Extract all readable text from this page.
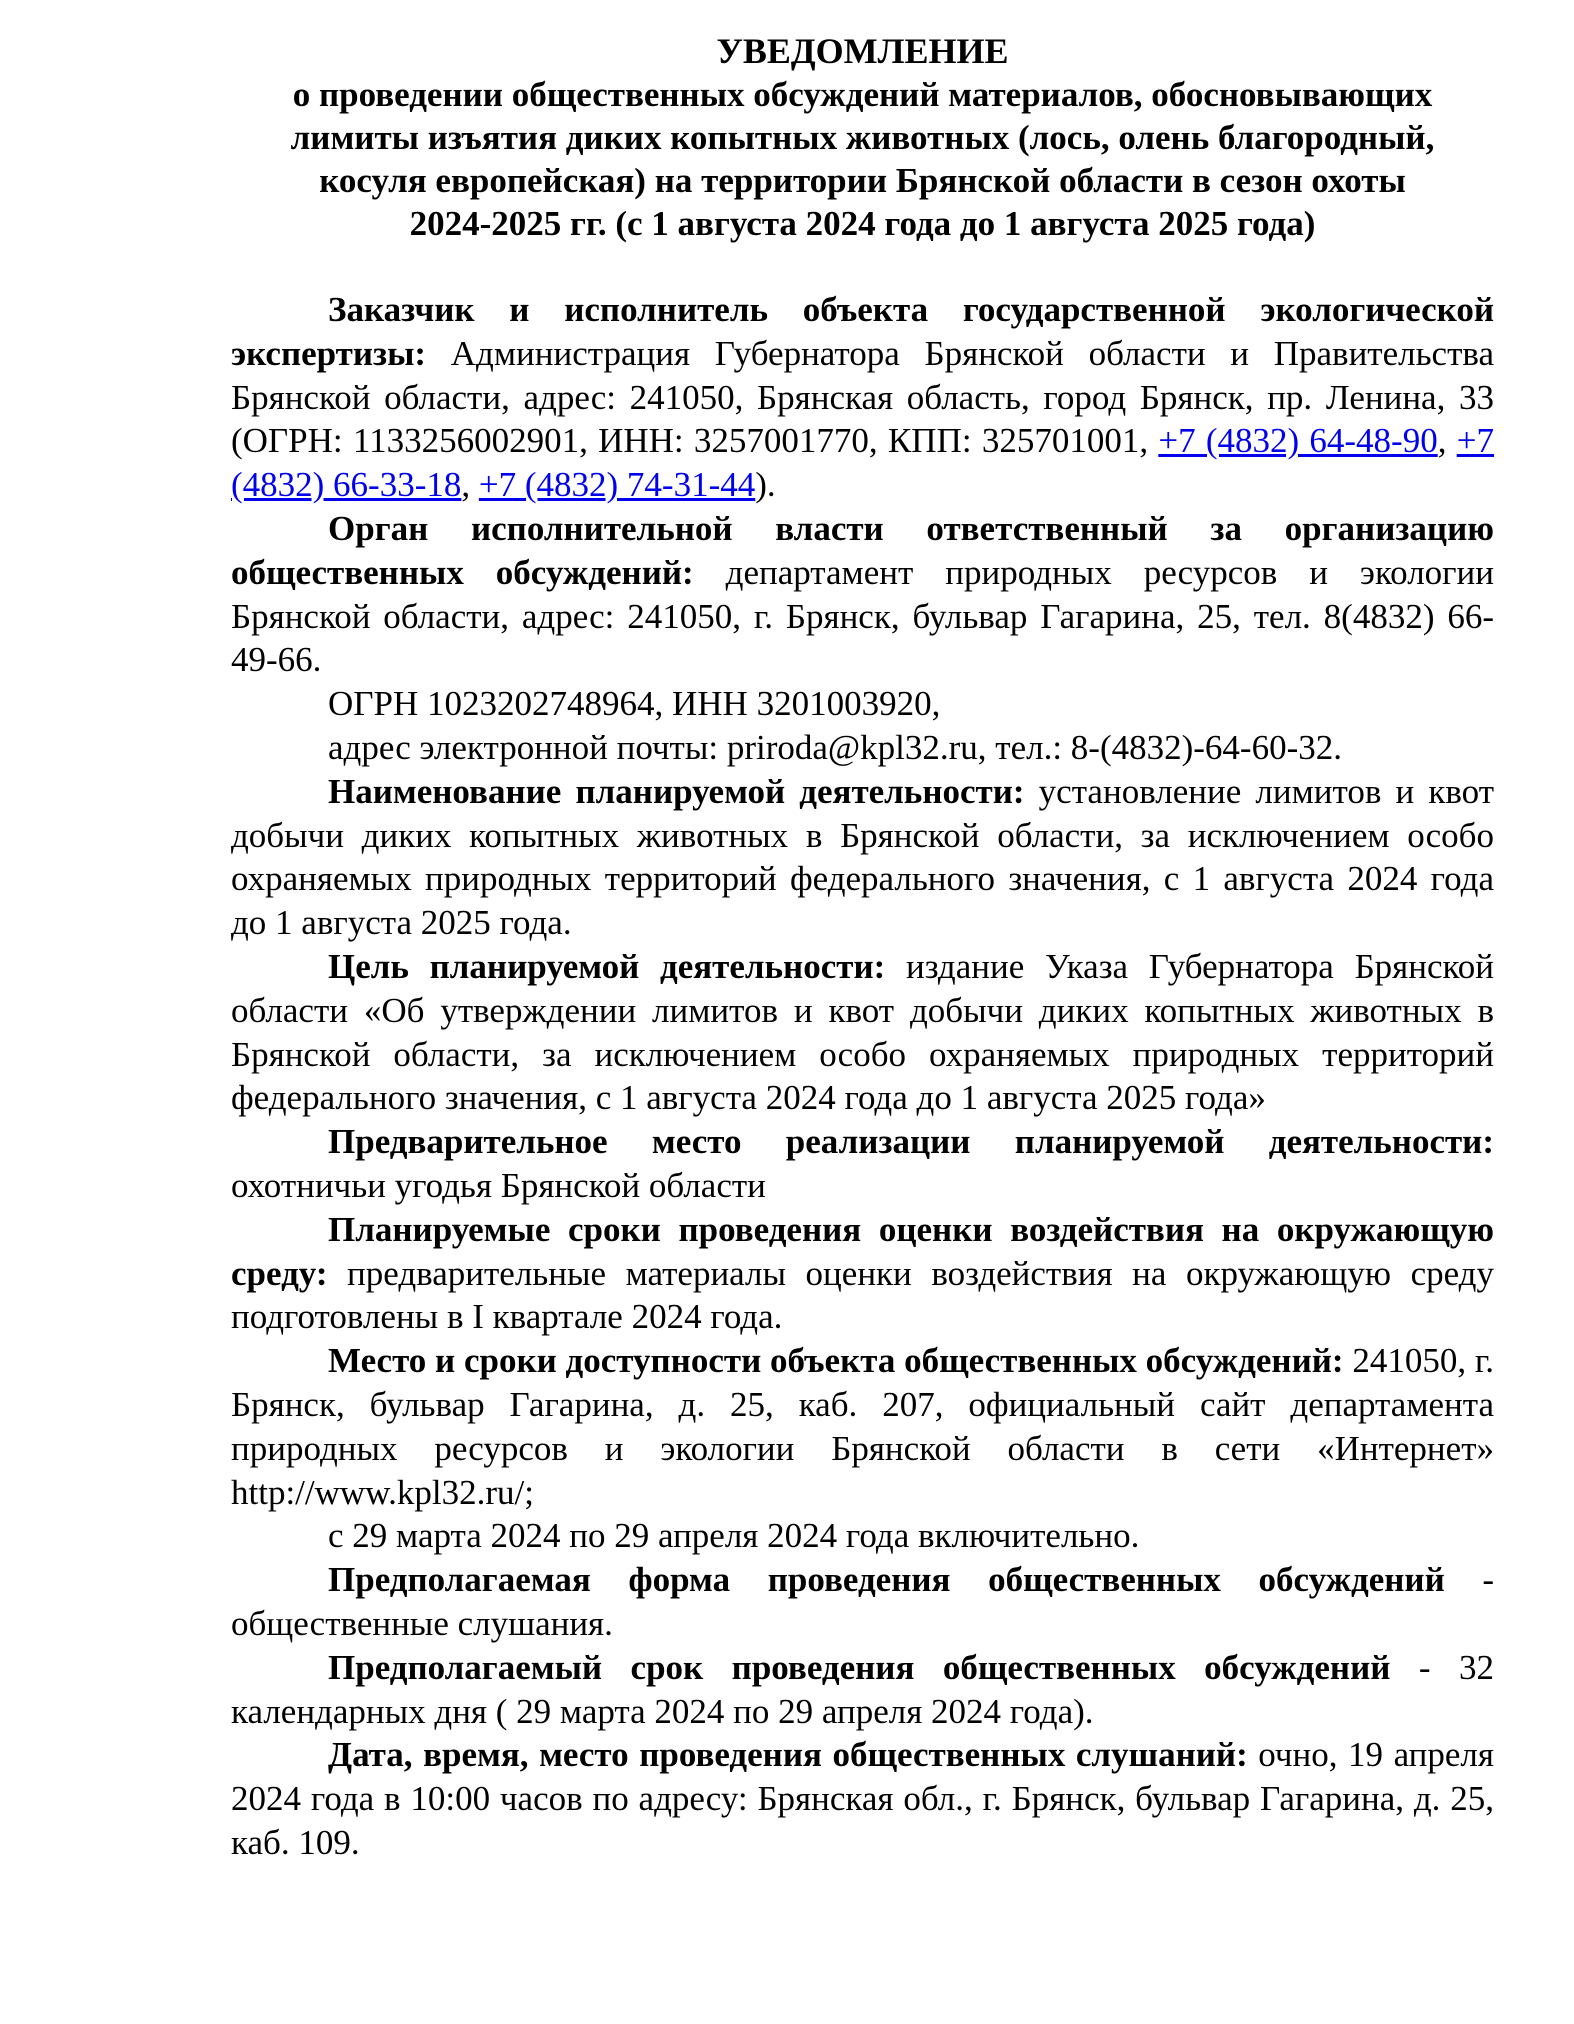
УВЕДОМЛЕНИЕ
о проведении общественных обсуждений материалов, обосновывающих
лимиты изъятия диких копытных животных (лось, олень благородный,
косуля европейская) на территории Брянской области в сезон охоты
2024-2025 гг. (с 1 августа 2024 года до 1 августа 2025 года)

Заказчик и исполнитель объекта государственной экологической экспертизы: Администрация Губернатора Брянской области и Правительства Брянской области, адрес: 241050, Брянская область, город Брянск, пр. Ленина, 33 (ОГРН: 1133256002901, ИНН: 3257001770, КПП: 325701001, +7 (4832) 64-48-90, +7 (4832) 66-33-18, +7 (4832) 74-31-44).

Орган исполнительной власти ответственный за организацию общественных обсуждений: департамент природных ресурсов и экологии Брянской области, адрес: 241050, г. Брянск, бульвар Гагарина, 25, тел. 8(4832) 66-49-66.

ОГРН 1023202748964, ИНН 3201003920,

адрес электронной почты: priroda@kpl32.ru, тел.: 8-(4832)-64-60-32.

Наименование планируемой деятельности: установление лимитов и квот добычи диких копытных животных в Брянской области, за исключением особо охраняемых природных территорий федерального значения, с 1 августа 2024 года до 1 августа 2025 года.

Цель планируемой деятельности: издание Указа Губернатора Брянской области «Об утверждении лимитов и квот добычи диких копытных животных в Брянской области, за исключением особо охраняемых природных территорий федерального значения, с 1 августа 2024 года до 1 августа 2025 года»

Предварительное место реализации планируемой деятельности: охотничьи угодья Брянской области

Планируемые сроки проведения оценки воздействия на окружающую среду: предварительные материалы оценки воздействия на окружающую среду подготовлены в I квартале 2024 года.

Место и сроки доступности объекта общественных обсуждений: 241050, г. Брянск, бульвар Гагарина, д. 25, каб. 207, официальный сайт департамента природных ресурсов и экологии Брянской области в сети «Интернет» http://www.kpl32.ru/;

с 29 марта 2024 по 29 апреля 2024 года включительно.

Предполагаемая форма проведения общественных обсуждений - общественные слушания.

Предполагаемый срок проведения общественных обсуждений - 32 календарных дня ( 29 марта 2024 по 29 апреля 2024 года).

Дата, время, место проведения общественных слушаний: очно, 19 апреля 2024 года в 10:00 часов по адресу: Брянская обл., г. Брянск, бульвар Гагарина, д. 25, каб. 109.
